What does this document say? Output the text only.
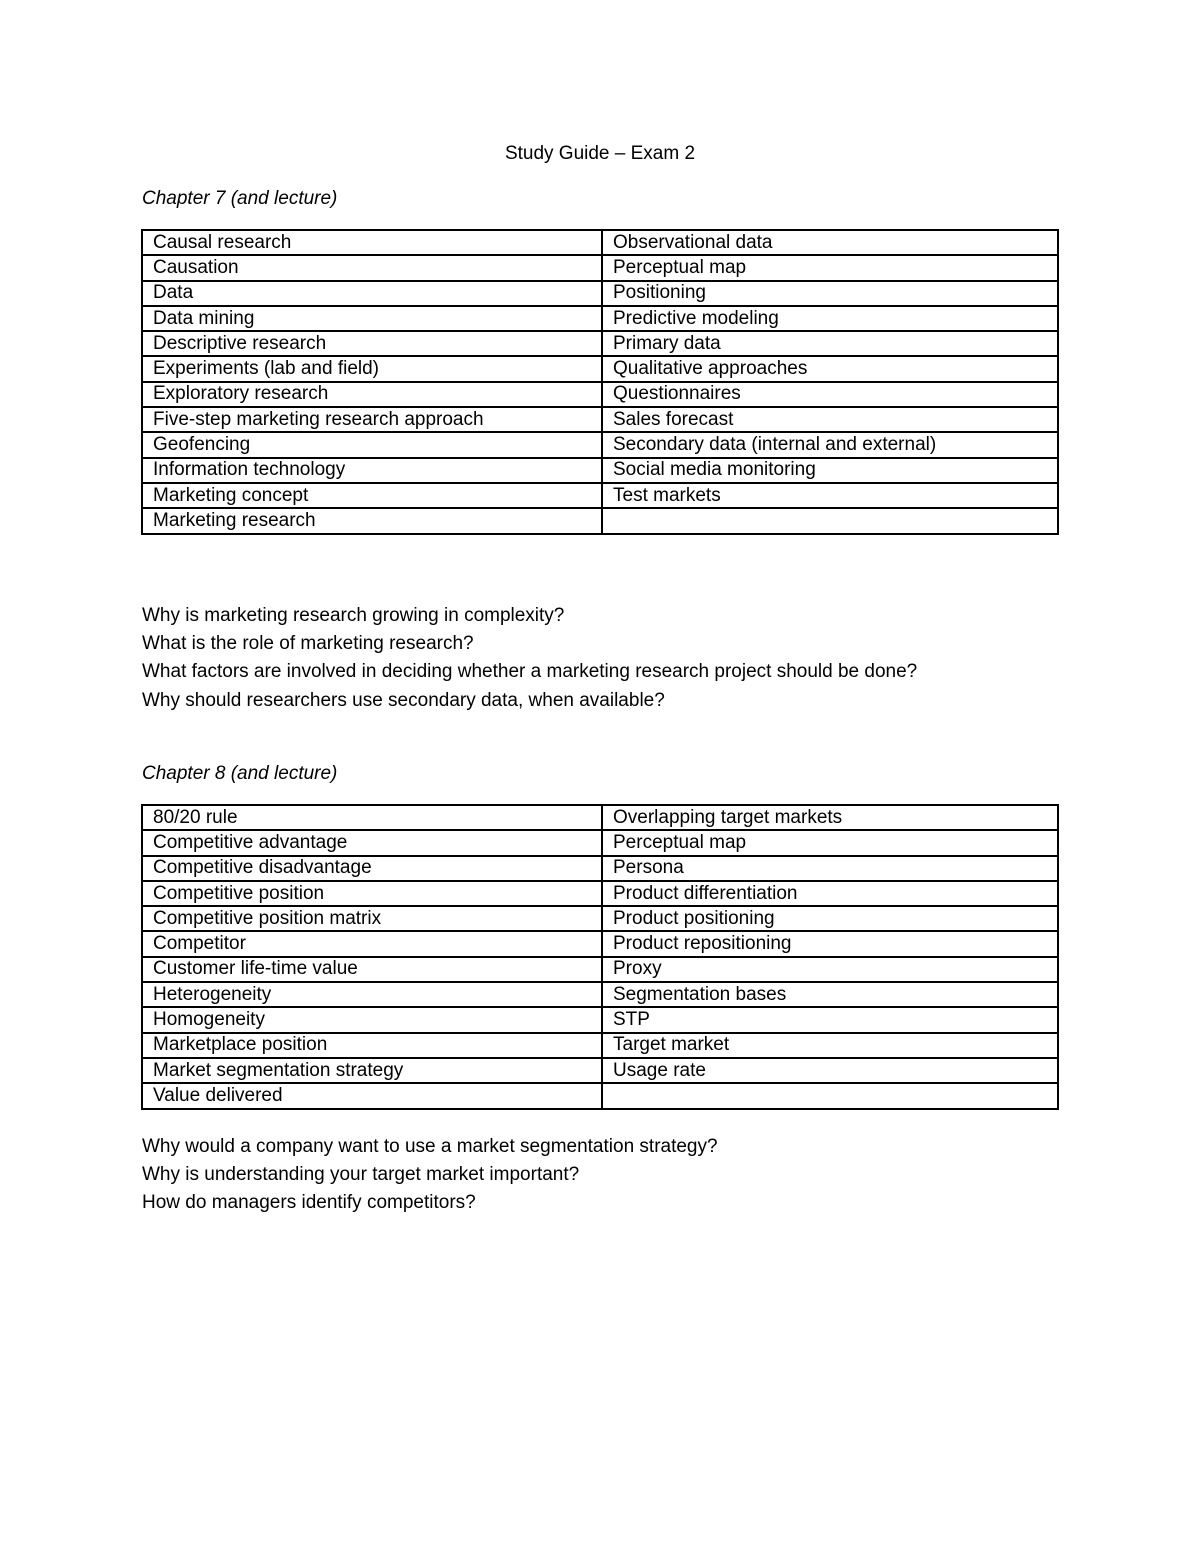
Study Guide – Exam 2
Chapter 7 (and lecture)
Causal research	Observational data
Causation	Perceptual map
Data	Positioning
Data mining	Predictive modeling
Descriptive research	Primary data
Experiments (lab and field)	Qualitative approaches
Exploratory research	Questionnaires
Five-step marketing research approach	Sales forecast
Geofencing	Secondary data (internal and external)
Information technology	Social media monitoring
Marketing concept	Test markets
Marketing research	
Why is marketing research growing in complexity?
What is the role of marketing research?
What factors are involved in deciding whether a marketing research project should be done?
Why should researchers use secondary data, when available?
Chapter 8 (and lecture)
80/20 rule	Overlapping target markets
Competitive advantage	Perceptual map
Competitive disadvantage	Persona
Competitive position	Product differentiation
Competitive position matrix	Product positioning
Competitor	Product repositioning
Customer life-time value	Proxy
Heterogeneity	Segmentation bases
Homogeneity	STP
Marketplace position	Target market
Market segmentation strategy	Usage rate
Value delivered	
Why would a company want to use a market segmentation strategy?
Why is understanding your target market important?
How do managers identify competitors?
